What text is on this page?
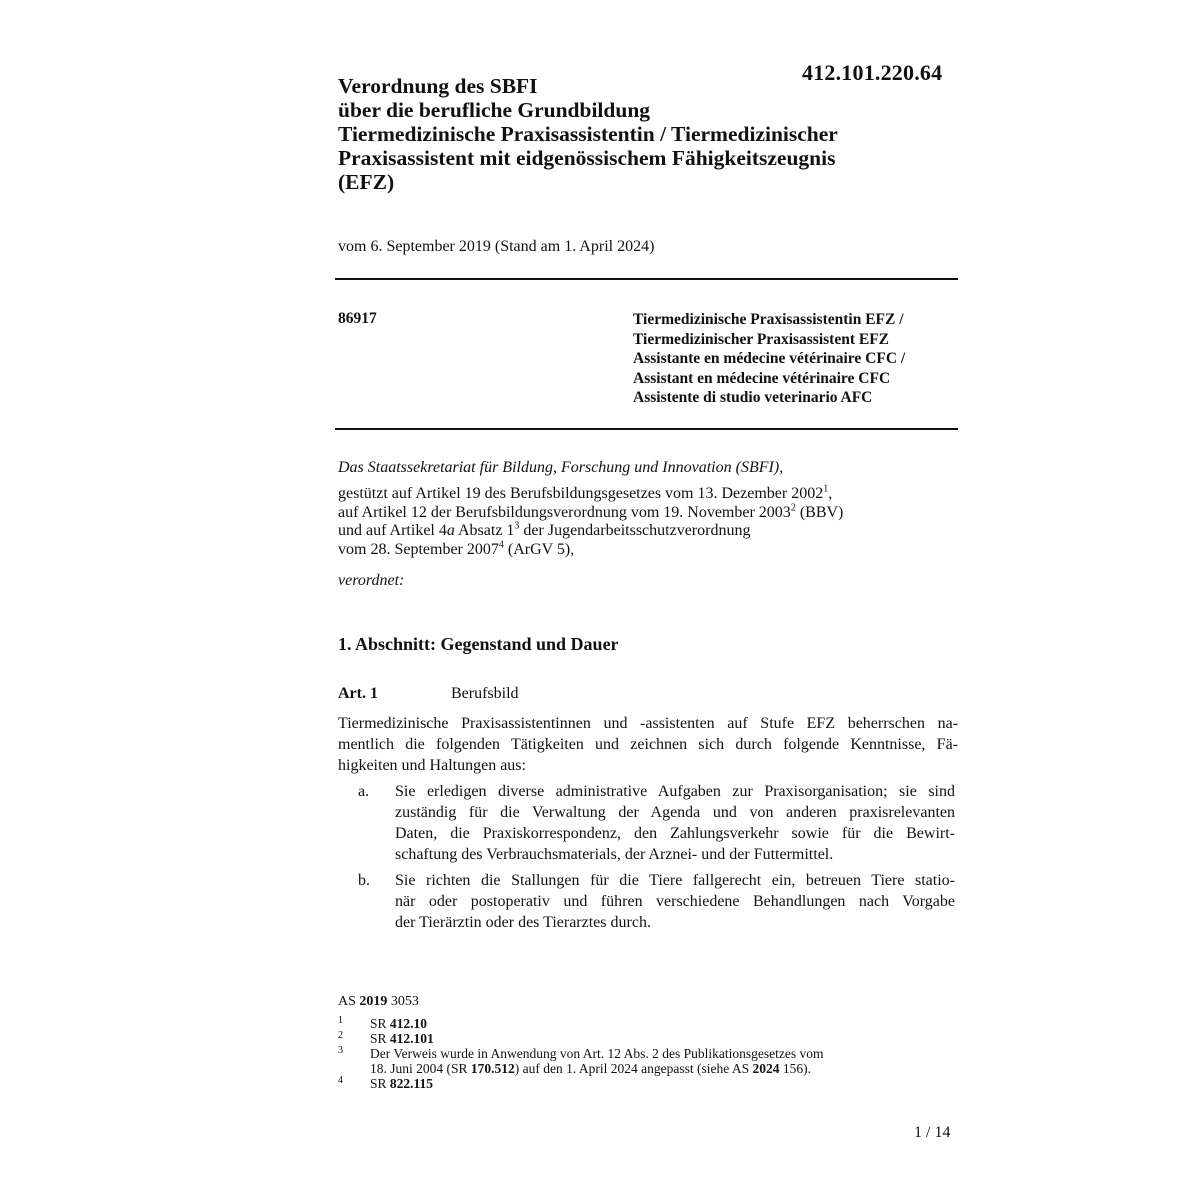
412.101.220.64
Verordnung des SBFI
über die berufliche Grundbildung
Tiermedizinische Praxisassistentin / Tiermedizinischer
Praxisassistent mit eidgenössischem Fähigkeitszeugnis
(EFZ)
vom 6. September 2019 (Stand am 1. April 2024)
86917	Tiermedizinische Praxisassistentin EFZ /
Tiermedizinischer Praxisassistent EFZ
Assistante en médecine vétérinaire CFC /
Assistant en médecine vétérinaire CFC
Assistente di studio veterinario AFC
Das Staatssekretariat für Bildung, Forschung und Innovation (SBFI),
gestützt auf Artikel 19 des Berufsbildungsgesetzes vom 13. Dezember 2002$^1$,
auf Artikel 12 der Berufsbildungsverordnung vom 19. November 2003$^2$ (BBV)
und auf Artikel 4a Absatz $1^3$ der Jugendarbeitsschutzverordnung
vom 28. September 2007$^4$ (ArGV 5),
verordnet:
1. Abschnitt: Gegenstand und Dauer
Art. 1	Berufsbild
Tiermedizinische Praxisassistentinnen und -assistenten auf Stufe EFZ beherrschen na-
mentlich die folgenden Tätigkeiten und zeichnen sich durch folgende Kenntnisse, Fä-
higkeiten und Haltungen aus:
a. Sie erledigen diverse administrative Aufgaben zur Praxisorganisation; sie sind
zuständig für die Verwaltung der Agenda und von anderen praxisrelevanten
Daten, die Praxiskorrespondenz, den Zahlungsverkehr sowie für die Bewirt-
schaftung des Verbrauchsmaterials, der Arznei- und der Futtermittel.
b. Sie richten die Stallungen für die Tiere fallgerecht ein, betreuen Tiere statio-
när oder postoperativ und führen verschiedene Behandlungen nach Vorgabe
der Tierärztin oder des Tierarztes durch.
AS 2019 3053
1 SR 412.10
2 SR 412.101
3 Der Verweis wurde in Anwendung von Art. 12 Abs. 2 des Publikationsgesetzes vom
18. Juni 2004 (SR 170.512) auf den 1. April 2024 angepasst (siehe AS 2024 156).
4 SR 822.115
1 / 14
